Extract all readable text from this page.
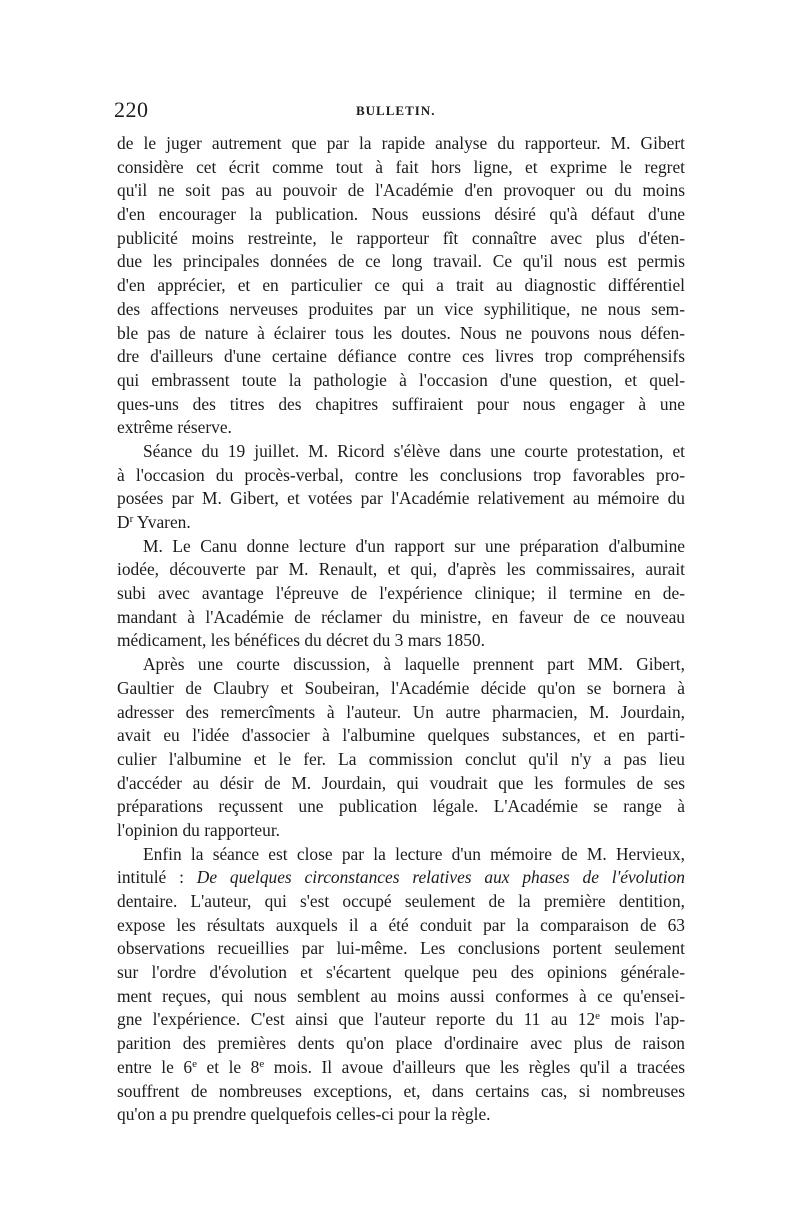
220	BULLETIN.
de le juger autrement que par la rapide analyse du rapporteur. M. Gibert
considère cet écrit comme tout à fait hors ligne, et exprime le regret
qu'il ne soit pas au pouvoir de l'Académie d'en provoquer ou du moins
d'en encourager la publication. Nous eussions désiré qu'à défaut d'une
publicité moins restreinte, le rapporteur fît connaître avec plus d'éten-
due les principales données de ce long travail. Ce qu'il nous est permis
d'en apprécier, et en particulier ce qui a trait au diagnostic différentiel
des affections nerveuses produites par un vice syphilitique, ne nous sem-
ble pas de nature à éclairer tous les doutes. Nous ne pouvons nous défen-
dre d'ailleurs d'une certaine défiance contre ces livres trop compréhensifs
qui embrassent toute la pathologie à l'occasion d'une question, et quel-
ques-uns des titres des chapitres suffiraient pour nous engager à une
extrême réserve.
Séance du 19 juillet. M. Ricord s'élève dans une courte protestation, et
à l'occasion du procès-verbal, contre les conclusions trop favorables pro-
posées par M. Gibert, et votées par l'Académie relativement au mémoire du
$D^r$ Yvaren.
M. Le Canu donne lecture d'un rapport sur une préparation d'albumine
iodée, découverte par M. Renault, et qui, d'après les commissaires, aurait
subi avec avantage l'épreuve de l'expérience clinique; il termine en de-
mandant à l'Académie de réclamer du ministre, en faveur de ce nouveau
médicament, les bénéfices du décret du 3 mars 1850.
Après une courte discussion, à laquelle prennent part MM. Gibert,
Gaultier de Claubry et Soubeiran, l'Académie décide qu'on se bornera à
adresser des remercîments à l'auteur. Un autre pharmacien, M. Jourdain,
avait eu l'idée d'associer à l'albumine quelques substances, et en parti-
culier l'albumine et le fer. La commission conclut qu'il n'y a pas lieu
d'accéder au désir de M. Jourdain, qui voudrait que les formules de ses
préparations reçussent une publication légale. L'Académie se range à
l'opinion du rapporteur.
Enfin la séance est close par la lecture d'un mémoire de M. Hervieux,
intitulé : De quelques circonstances relatives aux phases de l'évolution
dentaire. L'auteur, qui s'est occupé seulement de la première dentition,
expose les résultats auxquels il a été conduit par la comparaison de 63
observations recueillies par lui-même. Les conclusions portent seulement
sur l'ordre d'évolution et s'écartent quelque peu des opinions générale-
ment reçues, qui nous semblent au moins aussi conformes à ce qu'ensei-
gne l'expérience. C'est ainsi que l'auteur reporte du 11 au 12e mois l'ap-
parition des premières dents qu'on place d'ordinaire avec plus de raison
entre le 6e et le 8e mois. Il avoue d'ailleurs que les règles qu'il a tracées
souffrent de nombreuses exceptions, et, dans certains cas, si nombreuses
qu'on a pu prendre quelquefois celles-ci pour la règle.
